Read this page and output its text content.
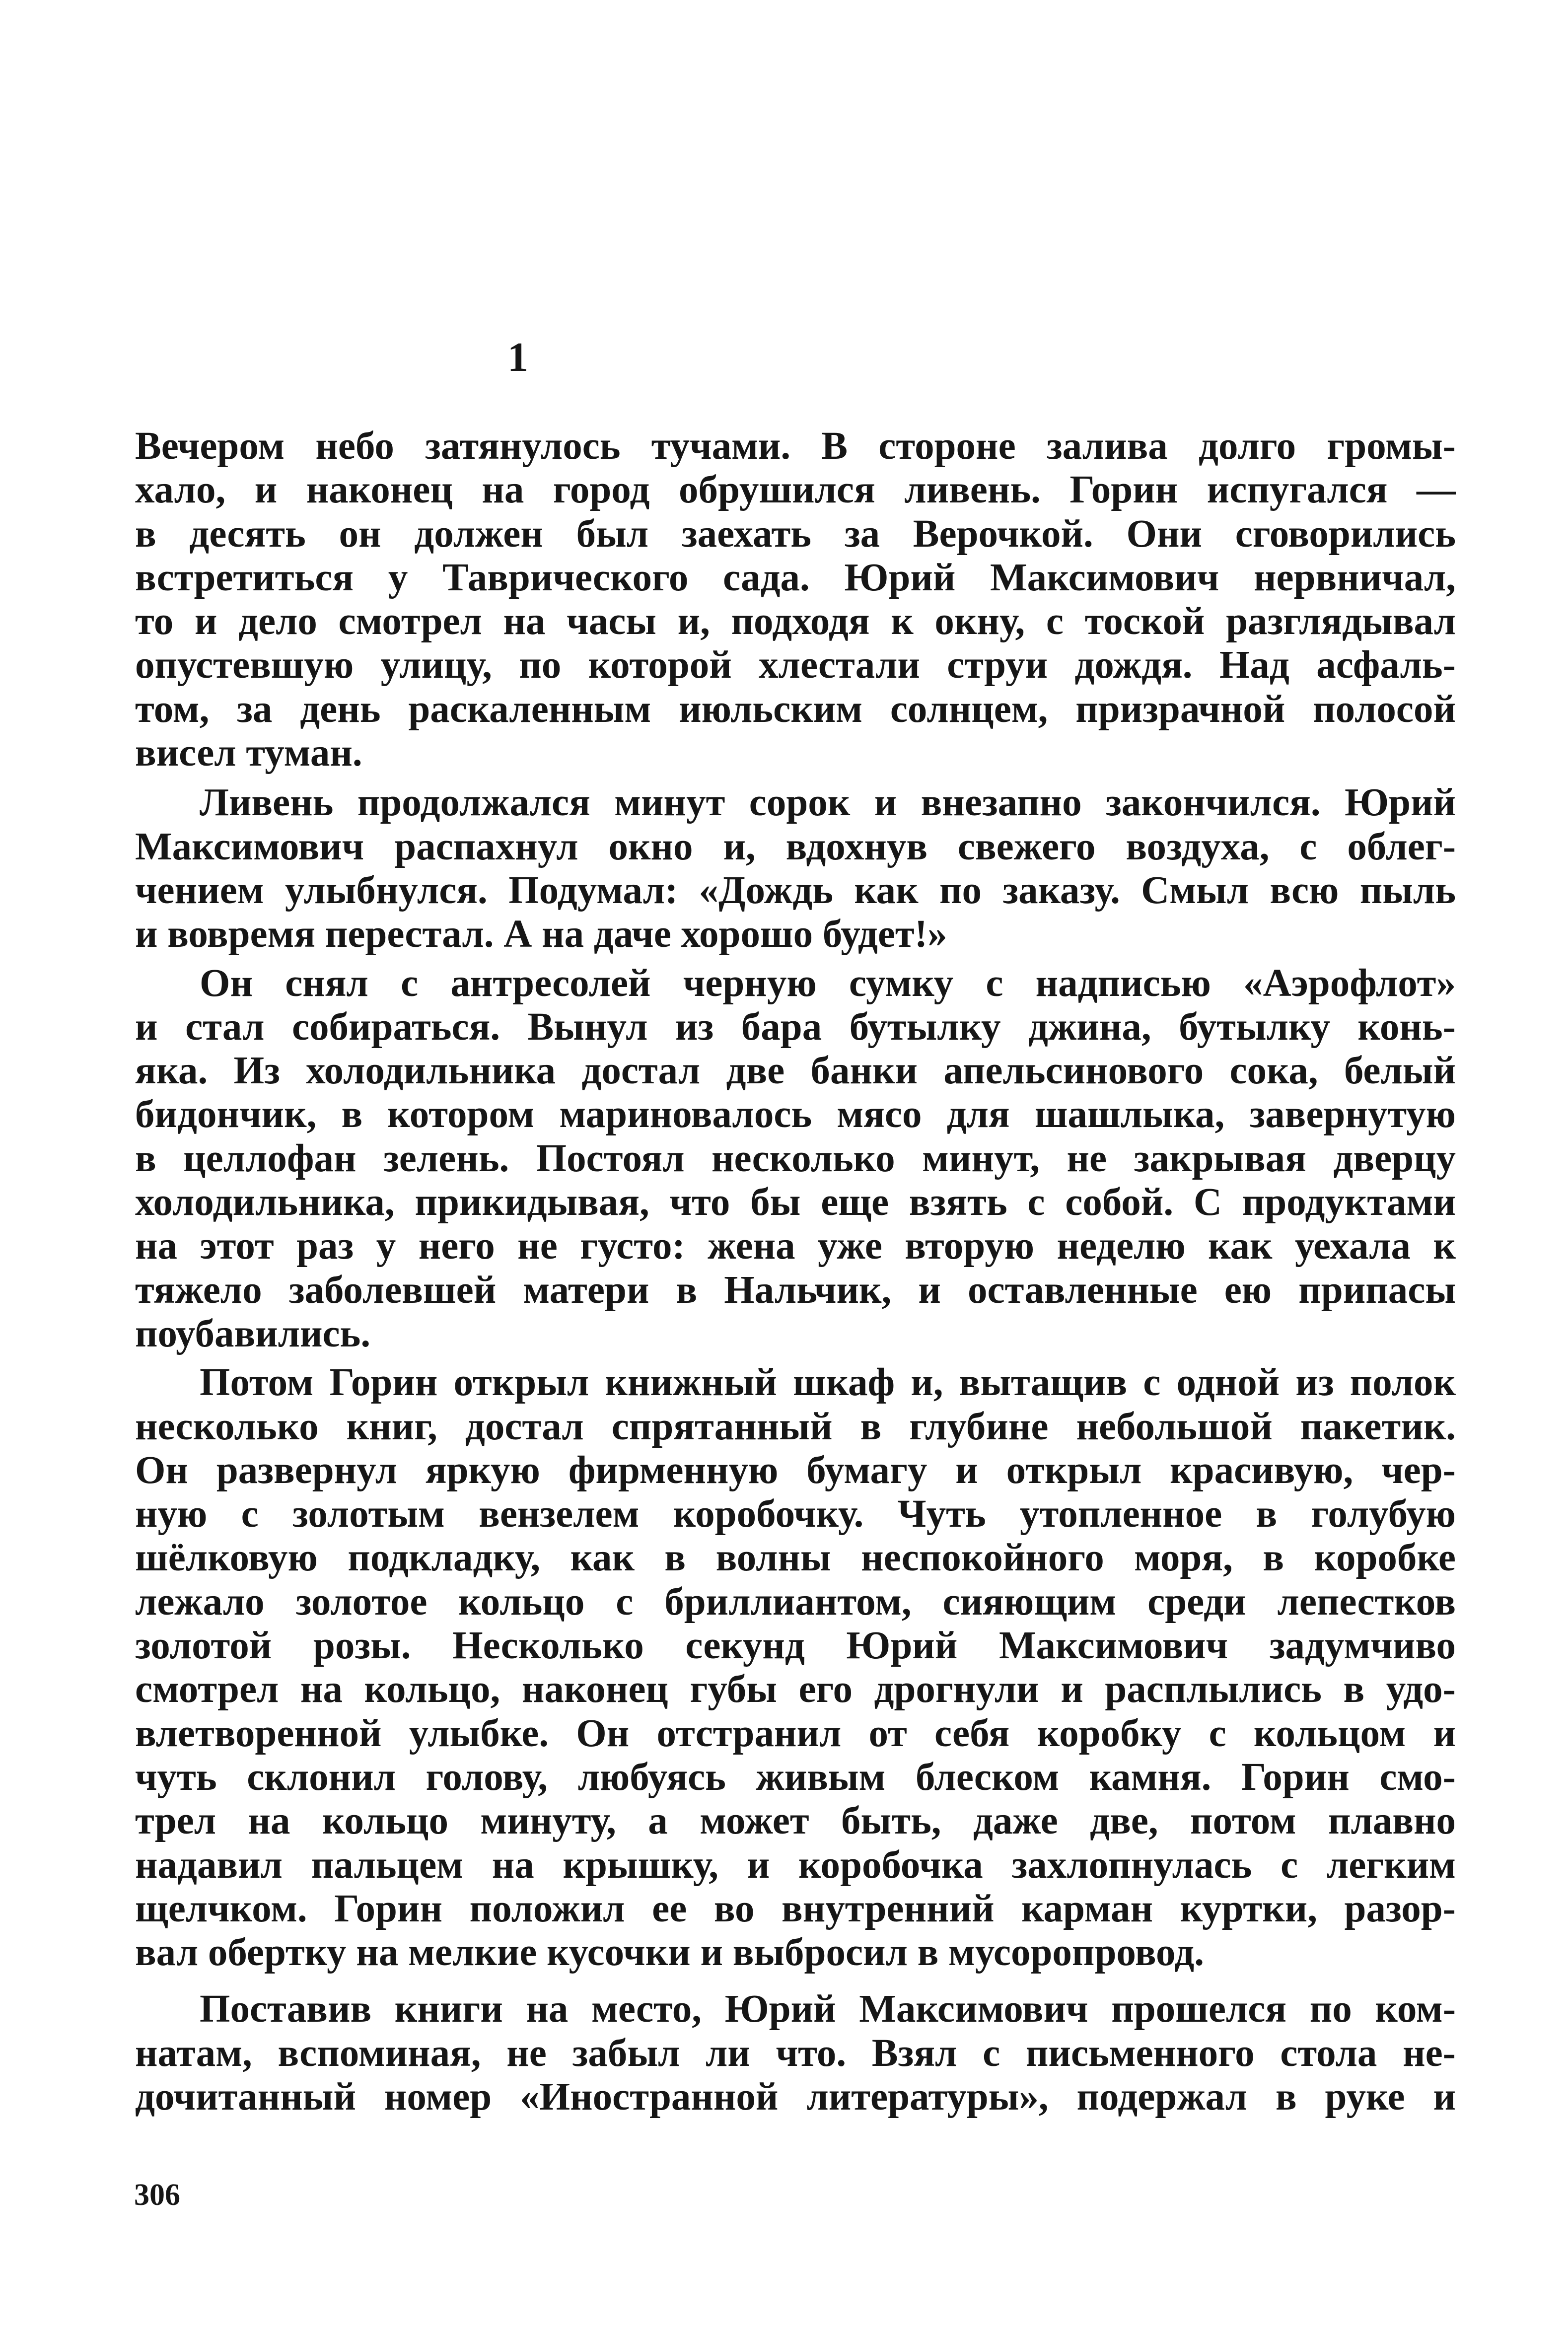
1
Вечером небо затянулось тучами. В стороне залива долго громы-
хало, и наконец на город обрушился ливень. Горин испугался —
в десять он должен был заехать за Верочкой. Они сговорились
встретиться у Таврического сада. Юрий Максимович нервничал,
то и дело смотрел на часы и, подходя к окну, с тоской разглядывал
опустевшую улицу, по которой хлестали струи дождя. Над асфаль-
том, за день раскаленным июльским солнцем, призрачной полосой
висел туман.
Ливень продолжался минут сорок и внезапно закончился. Юрий
Максимович распахнул окно и, вдохнув свежего воздуха, с облег-
чением улыбнулся. Подумал: «Дождь как по заказу. Смыл всю пыль
и вовремя перестал. А на даче хорошо будет!»
Он снял с антресолей черную сумку с надписью «Аэрофлот»
и стал собираться. Вынул из бара бутылку джина, бутылку конь-
яка. Из холодильника достал две банки апельсинового сока, белый
бидончик, в котором мариновалось мясо для шашлыка, завернутую
в целлофан зелень. Постоял несколько минут, не закрывая дверцу
холодильника, прикидывая, что бы еще взять с собой. С продуктами
на этот раз у него не густо: жена уже вторую неделю как уехала к
тяжело заболевшей матери в Нальчик, и оставленные ею припасы
поубавились.
Потом Горин открыл книжный шкаф и, вытащив с одной из полок
несколько книг, достал спрятанный в глубине небольшой пакетик.
Он развернул яркую фирменную бумагу и открыл красивую, чер-
ную с золотым вензелем коробочку. Чуть утопленное в голубую
шёлковую подкладку, как в волны неспокойного моря, в коробке
лежало золотое кольцо с бриллиантом, сияющим среди лепестков
золотой розы. Несколько секунд Юрий Максимович задумчиво
смотрел на кольцо, наконец губы его дрогнули и расплылись в удо-
влетворенной улыбке. Он отстранил от себя коробку с кольцом и
чуть склонил голову, любуясь живым блеском камня. Горин смо-
трел на кольцо минуту, а может быть, даже две, потом плавно
надавил пальцем на крышку, и коробочка захлопнулась с легким
щелчком. Горин положил ее во внутренний карман куртки, разор-
вал обертку на мелкие кусочки и выбросил в мусоропровод.
Поставив книги на место, Юрий Максимович прошелся по ком-
натам, вспоминая, не забыл ли что. Взял с письменного стола не-
дочитанный номер «Иностранной литературы», подержал в руке и
306
